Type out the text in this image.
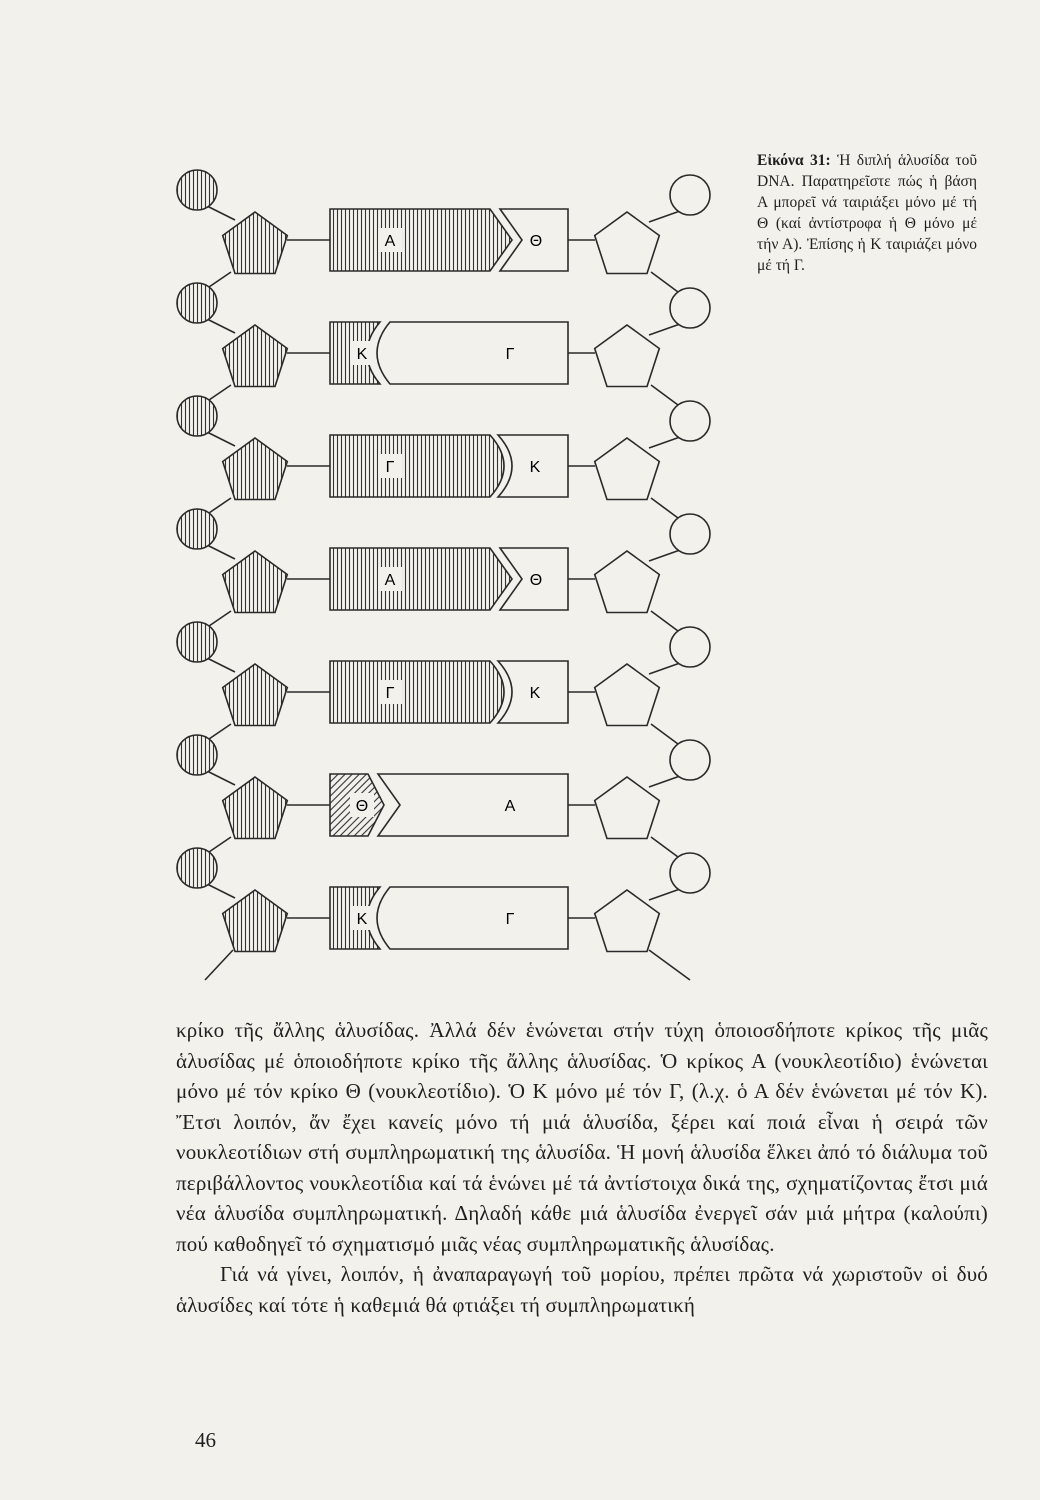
Α	Θ
Κ	Γ
Γ	Κ
Α	Θ
Γ	Κ
Θ	Α
Κ	Γ
Εἰκόνα 31: Ἡ διπλή ἁλυσίδα τοῦ DNA. Παρατηρεῖστε πώς ἡ βάση Α μπορεῖ νά ταιριάξει μόνο μέ τή Θ (καί ἀντίστροφα ἡ Θ μόνο μέ τήν Α). Ἐπίσης ἡ Κ ταιριάζει μόνο μέ τή Γ.

κρίκο τῆς ἄλλης ἁλυσίδας. Ἀλλά δέν ἑνώνεται στήν τύχη ὁποιοσδήποτε κρίκος τῆς μιᾶς ἁλυσίδας μέ ὁποιοδήποτε κρίκο τῆς ἄλλης ἁλυσίδας. Ὁ κρίκος Α (νουκλεοτίδιο) ἑνώνεται μόνο μέ τόν κρίκο Θ (νουκλεοτίδιο). Ὁ Κ μόνο μέ τόν Γ, (λ.χ. ὁ Α δέν ἑνώνεται μέ τόν Κ). Ἔτσι λοιπόν, ἄν ἔχει κανείς μόνο τή μιά ἁλυσίδα, ξέρει καί ποιά εἶναι ἡ σειρά τῶν νουκλεοτίδιων στή συμπληρωματική της ἁλυσίδα. Ἡ μονή ἁλυσίδα ἕλκει ἀπό τό διάλυμα τοῦ περιβάλλοντος νουκλεοτίδια καί τά ἑνώνει μέ τά ἀντίστοιχα δικά της, σχηματίζοντας ἔτσι μιά νέα ἁλυσίδα συμπληρωματική. Δηλαδή κάθε μιά ἁλυσίδα ἐνεργεῖ σάν μιά μήτρα (καλούπι) πού καθοδηγεῖ τό σχηματισμό μιᾶς νέας συμπληρωματικῆς ἁλυσίδας.

Γιά νά γίνει, λοιπόν, ἡ ἀναπαραγωγή τοῦ μορίου, πρέπει πρῶτα νά χωριστοῦν οἱ δυό ἁλυσίδες καί τότε ἡ καθεμιά θά φτιάξει τή συμπληρωματική

46
